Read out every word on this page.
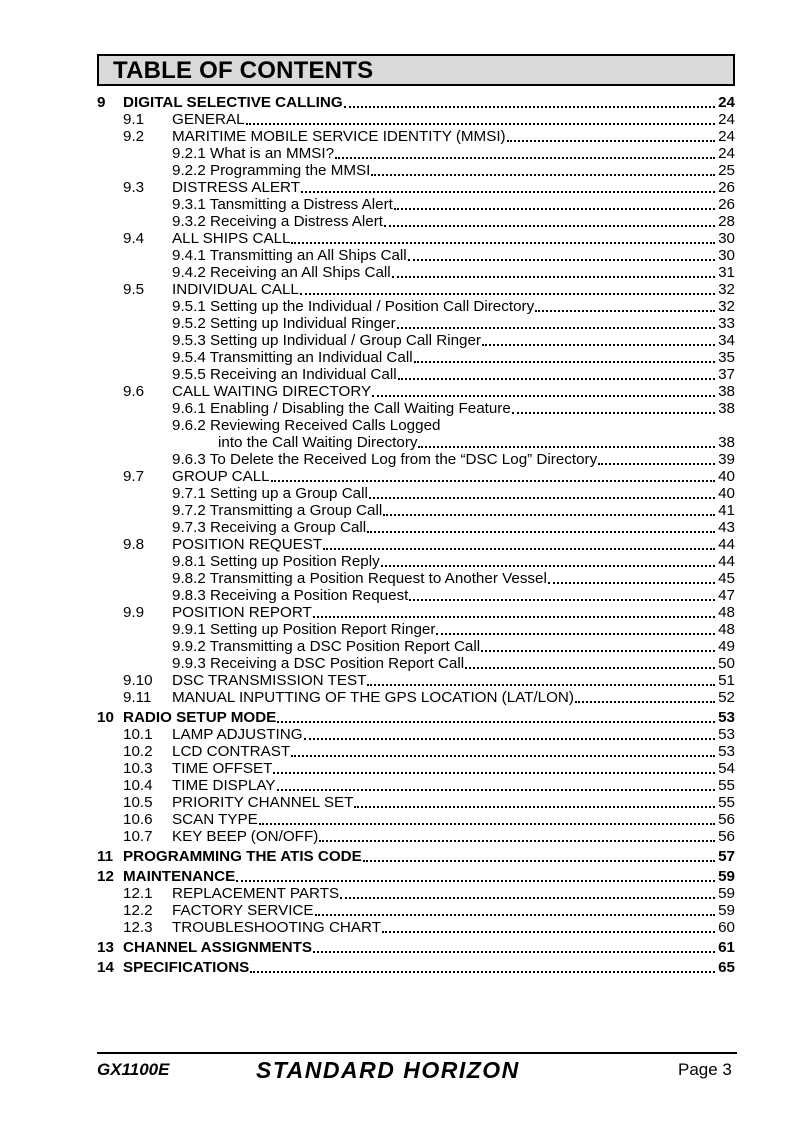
TABLE OF CONTENTS
9 DIGITAL SELECTIVE CALLING	24
9.1 GENERAL	24
9.2 MARITIME MOBILE SERVICE IDENTITY (MMSI)	24
9.2.1 What is an MMSI?	24
9.2.2 Programming the MMSI	25
9.3 DISTRESS ALERT	26
9.3.1 Tansmitting a Distress Alert	26
9.3.2 Receiving a Distress Alert	28
9.4 ALL SHIPS CALL	30
9.4.1 Transmitting an All Ships Call	30
9.4.2 Receiving an All Ships Call	31
9.5 INDIVIDUAL CALL	32
9.5.1 Setting up the Individual / Position Call Directory	32
9.5.2 Setting up Individual Ringer	33
9.5.3 Setting up Individual / Group Call Ringer	34
9.5.4 Transmitting an Individual Call	35
9.5.5 Receiving an Individual Call	37
9.6 CALL WAITING DIRECTORY	38
9.6.1 Enabling / Disabling the Call Waiting Feature	38
9.6.2 Reviewing Received Calls Logged
into the Call Waiting Directory	38
9.6.3 To Delete the Received Log from the “DSC Log” Directory	39
9.7 GROUP CALL	40
9.7.1 Setting up a Group Call	40
9.7.2 Transmitting a Group Call	41
9.7.3 Receiving a Group Call	43
9.8 POSITION REQUEST	44
9.8.1 Setting up Position Reply	44
9.8.2 Transmitting a Position Request to Another Vessel	45
9.8.3 Receiving a Position Request	47
9.9 POSITION REPORT	48
9.9.1 Setting up Position Report Ringer	48
9.9.2 Transmitting a DSC Position Report Call	49
9.9.3 Receiving a DSC Position Report Call	50
9.10 DSC TRANSMISSION TEST	51
9.11 MANUAL INPUTTING OF THE GPS LOCATION (LAT/LON)	52
10 RADIO SETUP MODE	53
10.1 LAMP ADJUSTING	53
10.2 LCD CONTRAST	53
10.3 TIME OFFSET	54
10.4 TIME DISPLAY	55
10.5 PRIORITY CHANNEL SET	55
10.6 SCAN TYPE	56
10.7 KEY BEEP (ON/OFF)	56
11 PROGRAMMING THE ATIS CODE	57
12 MAINTENANCE	59
12.1 REPLACEMENT PARTS	59
12.2 FACTORY SERVICE	59
12.3 TROUBLESHOOTING CHART	60
13 CHANNEL ASSIGNMENTS	61
14 SPECIFICATIONS	65
GX1100E	STANDARD HORIZON	Page 3
